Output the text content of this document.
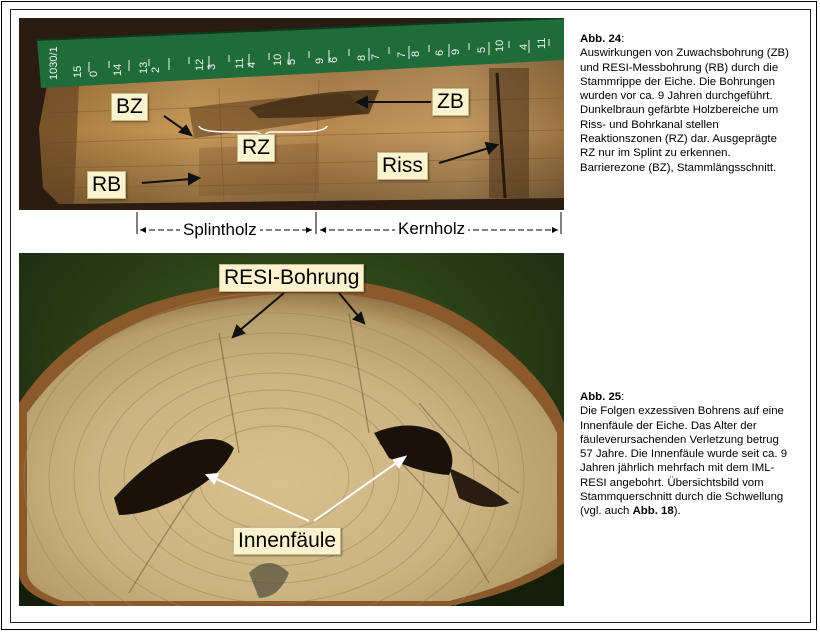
1030/1 15 0 14 13 2	12 3 11 4 10 5 9 6 8 7 7 8 6 9 5 10 4 11
BZ
RZ
RB
ZB
Riss
Splintholz	Kernholz
Abb. 24:
Auswirkungen von Zuwachsbohrung (ZB) und RESI-Messbohrung (RB) durch die Stammrippe der Eiche. Die Bohrungen wurden vor ca. 9 Jahren durchgeführt. Dunkelbraun gefärbte Holzbereiche um Riss- und Bohrkanal stellen Reaktionszonen (RZ) dar. Ausgeprägte RZ nur im Splint zu erkennen. Barrierezone (BZ), Stammlängsschnitt.
RESI-Bohrung
Innenfäule
Abb. 25:
Die Folgen exzessiven Bohrens auf eine Innenfäule der Eiche. Das Alter der fäuleverursachenden Verletzung betrug 57 Jahre. Die Innenfäule wurde seit ca. 9 Jahren jährlich mehrfach mit dem IML-RESI angebohrt. Übersichtsbild vom Stammquerschnitt durch die Schwellung (vgl. auch Abb. 18).
